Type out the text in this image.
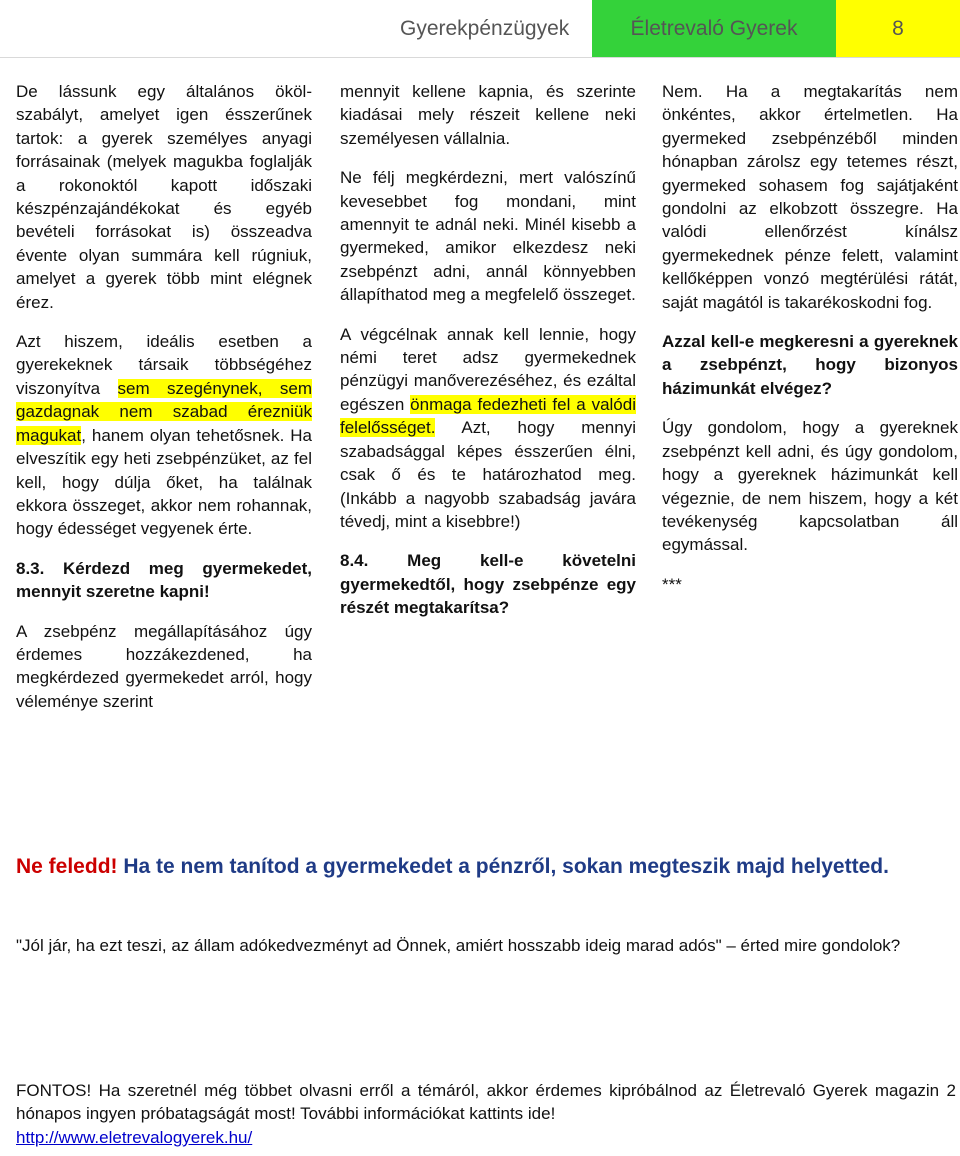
Gyerekpénzügyek	Életrevaló Gyerek	8

De lássunk egy általános ököl-szabályt, amelyet igen ésszerűnek tartok: a gyerek személyes anyagi forrásainak (melyek magukba foglalják a rokonoktól kapott időszaki készpénzajándékokat és egyéb bevételi forrásokat is) összeadva évente olyan summára kell rúgniuk, amelyet a gyerek több mint elégnek érez.

Azt hiszem, ideális esetben a gyerekeknek társaik többségéhez viszonyítva sem szegénynek, sem gazdagnak nem szabad érezniük magukat, hanem olyan tehetősnek. Ha elveszítik egy heti zsebpénzüket, az fel kell, hogy dúlja őket, ha találnak ekkora összeget, akkor nem rohannak, hogy édességet vegyenek érte.

8.3. Kérdezd meg gyermekedet, mennyit szeretne kapni!

A zsebpénz megállapításához úgy érdemes hozzákezdened, ha megkérdezed gyermekedet arról, hogy véleménye szerint

mennyit kellene kapnia, és szerinte kiadásai mely részeit kellene neki személyesen vállalnia.

Ne félj megkérdezni, mert valószínű kevesebbet fog mondani, mint amennyit te adnál neki. Minél kisebb a gyermeked, amikor elkezdesz neki zsebpénzt adni, annál könnyebben állapíthatod meg a megfelelő összeget.

A végcélnak annak kell lennie, hogy némi teret adsz gyermekednek pénzügyi manőverezéséhez, és ezáltal egészen önmaga fedezheti fel a valódi felelősséget. Azt, hogy mennyi szabadsággal képes ésszerűen élni, csak ő és te határozhatod meg. (Inkább a nagyobb szabadság javára tévedj, mint a kisebbre!)

8.4. Meg kell-e követelni gyermekedtől, hogy zsebpénze egy részét megtakarítsa?

Nem. Ha a megtakarítás nem önkéntes, akkor értelmetlen. Ha gyermeked zsebpénzéből minden hónapban zárolsz egy tetemes részt, gyermeked sohasem fog sajátjaként gondolni az elkobzott összegre. Ha valódi ellenőrzést kínálsz gyermekednek pénze felett, valamint kellőképpen vonzó megtérülési rátát, saját magától is takarékoskodni fog.

Azzal kell-e megkeresni a gyereknek a zsebpénzt, hogy bizonyos házimunkát elvégez?

Úgy gondolom, hogy a gyereknek zsebpénzt kell adni, és úgy gondolom, hogy a gyereknek házimunkát kell végeznie, de nem hiszem, hogy a két tevékenység kapcsolatban áll egymással.

***

Ne feledd! Ha te nem tanítod a gyermekedet a pénzről, sokan megteszik majd helyetted.
"Jól jár, ha ezt teszi, az állam adókedvezményt ad Önnek, amiért hosszabb ideig marad adós" – érted mire gondolok?
FONTOS! Ha szeretnél még többet olvasni erről a témáról, akkor érdemes kipróbálnod az Életrevaló Gyerek magazin 2 hónapos ingyen próbatagságát most! További információkat kattints ide!
http://www.eletrevalogyerek.hu/
